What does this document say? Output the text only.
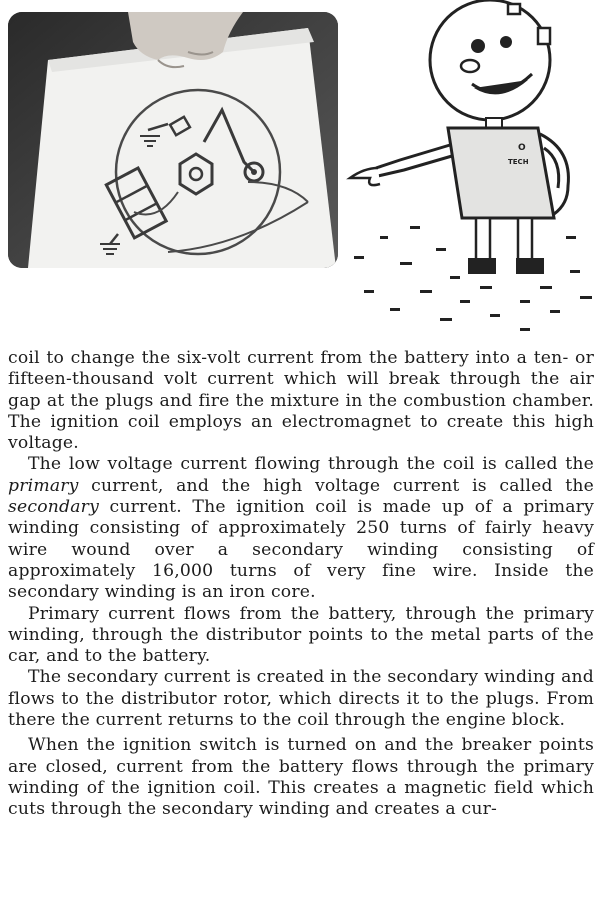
O
TECH

coil to change the six-volt current from the battery into a ten- or fifteen-thousand volt current which will break through the air gap at the plugs and fire the mixture in the combustion chamber. The ignition coil employs an electromagnet to create this high voltage.

The low voltage current flowing through the coil is called the primary current, and the high voltage current is called the secondary current. The ignition coil is made up of a primary winding consisting of approximately 250 turns of fairly heavy wire wound over a secondary winding consisting of approximately 16,000 turns of very fine wire. Inside the secondary winding is an iron core.

Primary current flows from the battery, through the primary winding, through the distributor points to the metal parts of the car, and to the battery.

The secondary current is created in the secondary winding and flows to the distributor rotor, which directs it to the plugs. From there the current returns to the coil through the engine block.

When the ignition switch is turned on and the breaker points are closed, current from the battery flows through the primary winding of the ignition coil. This creates a magnetic field which cuts through the secondary winding and creates a cur-
